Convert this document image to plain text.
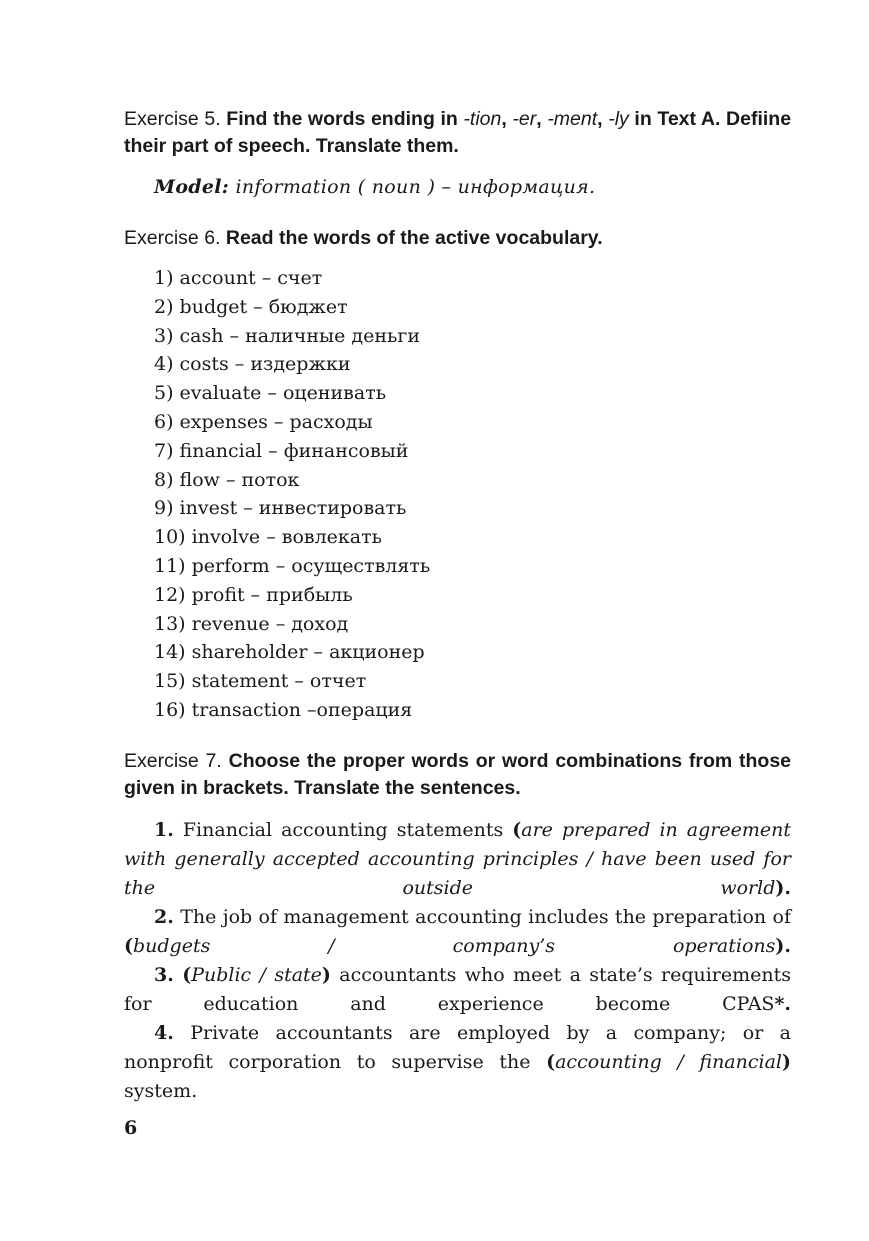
Exercise 5. Find the words ending in -tion, -er, -ment, -ly in Text A. Defiine their part of speech. Translate them.

Model: information ( noun ) – информация.

Exercise 6. Read the words of the active vocabulary.

1) account – счет
2) budget – бюджет
3) cash – наличные деньги
4) costs – издержки
5) evaluate – оценивать
6) expenses – расходы
7) financial – финансовый
8) flow – поток
9) invest – инвестировать
10) involve – вовлекать
11) perform – осуществлять
12) profit – прибыль
13) revenue – доход
14) shareholder – акционер
15) statement – отчет
16) transaction –операция

Exercise 7. Choose the proper words or word combinations from those given in brackets. Translate the sentences.

1. Financial accounting statements (are prepared in agreement with generally accepted accounting principles / have been used for the outside world).

2. The job of management accounting includes the preparation of (budgets / company’s operations).

3. (Public / state) accountants who meet a state’s requirements for education and experience become CPAS*.

4. Private accountants are employed by a company; or a nonprofit corporation to supervise the (accounting / financial) system.

6
